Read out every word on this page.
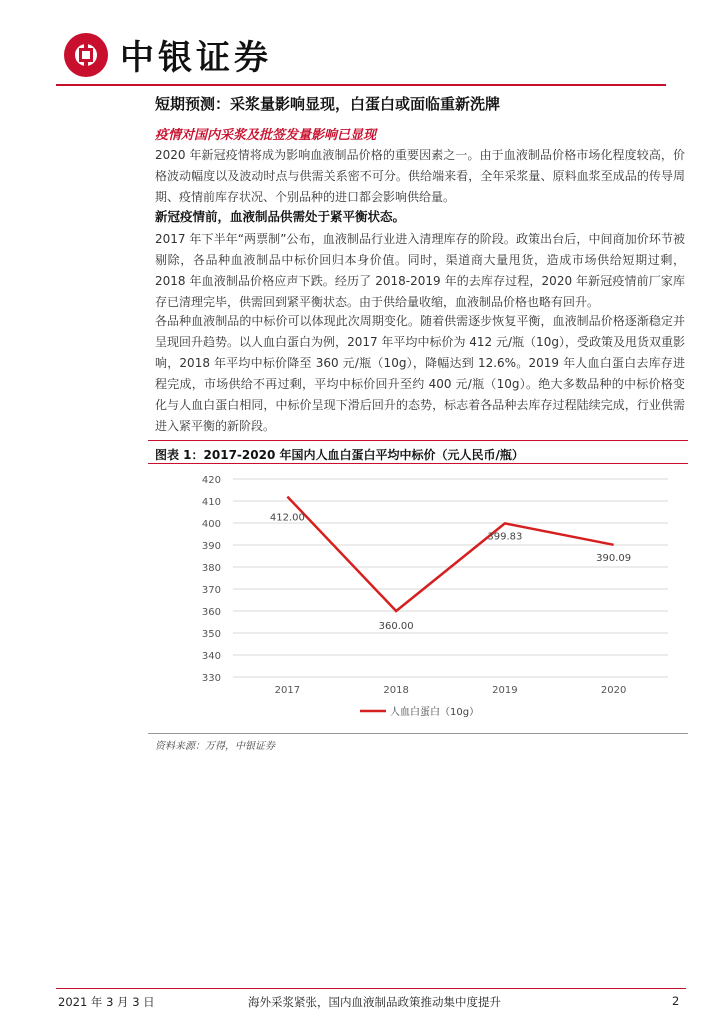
中银证券
短期预测：采浆量影响显现，白蛋白或面临重新洗牌
疫情对国内采浆及批签发量影响已显现
2020 年新冠疫情将成为影响血液制品价格的重要因素之一。由于血液制品价格市场化程度较高，价格波动幅度以及波动时点与供需关系密不可分。供给端来看，全年采浆量、原料血浆至成品的传导周期、疫情前库存状况、个别品种的进口都会影响供给量。
新冠疫情前，血液制品供需处于紧平衡状态。
2017 年下半年“两票制”公布，血液制品行业进入清理库存的阶段。政策出台后，中间商加价环节被剔除，各品种血液制品中标价回归本身价值。同时，渠道商大量甩货，造成市场供给短期过剩，2018 年血液制品价格应声下跌。经历了 2018-2019 年的去库存过程，2020 年新冠疫情前厂家库存已清理完毕，供需回到紧平衡状态。由于供给量收缩，血液制品价格也略有回升。
各品种血液制品的中标价可以体现此次周期变化。随着供需逐步恢复平衡，血液制品价格逐渐稳定并呈现回升趋势。以人血白蛋白为例，2017 年平均中标价为 412 元/瓶（10g），受政策及甩货双重影响，2018 年平均中标价降至 360 元/瓶（10g），降幅达到 12.6%。2019 年人血白蛋白去库存进程完成，市场供给不再过剩，平均中标价回升至约 400 元/瓶（10g）。绝大多数品种的中标价格变化与人血白蛋白相同，中标价呈现下滑后回升的态势，标志着各品种去库存过程陆续完成，行业供需进入紧平衡的新阶段。
图表 1：2017-2020 年国内人血白蛋白平均中标价（元人民币/瓶）
330
340
350
360
370
380
390
400
410
420
2017	2018	2019	2020
412.00
360.00
399.83
390.09
人血白蛋白（10g）
资料来源：万得，中银证券
2021 年 3 月 3 日	海外采浆紧张，国内血液制品政策推动集中度提升	2
